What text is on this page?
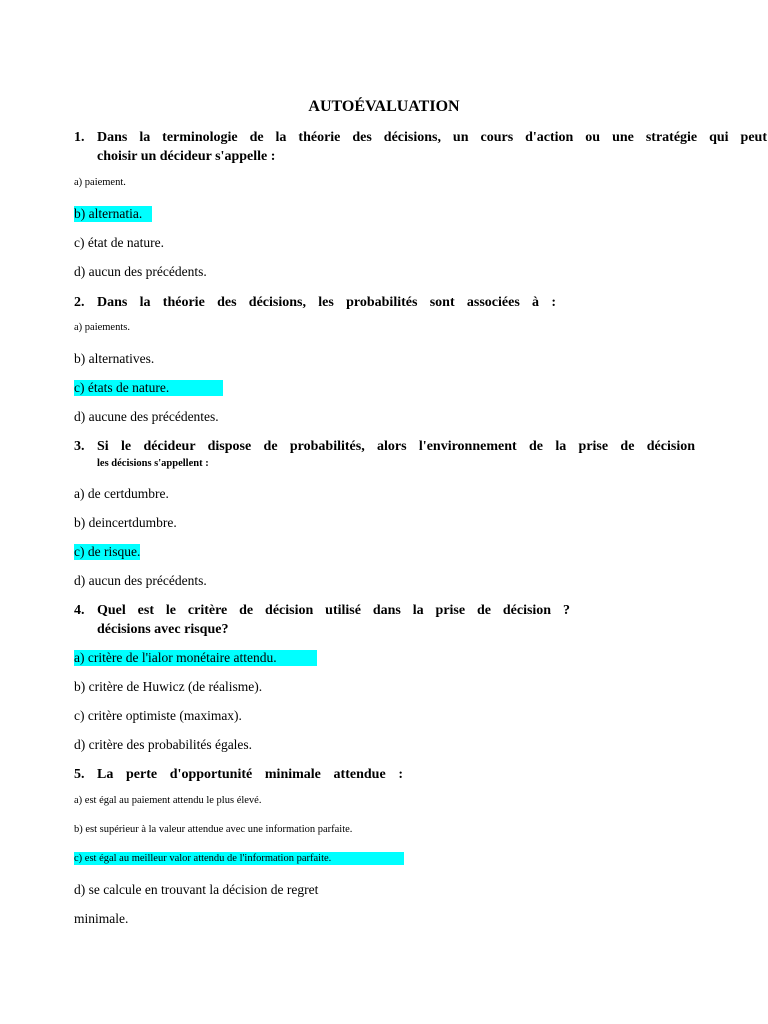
AUTOÉVALUATION
1. Dans la terminologie de la théorie des décisions, un cours d'action ou une stratégie qui peut
choisir un décideur s'appelle :
a) paiement.
b) alternatia.
c) état de nature.
d) aucun des précédents.
2. Dans la théorie des décisions, les probabilités sont associées à :
a) paiements.
b) alternatives.
c) états de nature.
d) aucune des précédentes.
3. Si le décideur dispose de probabilités, alors l'environnement de la prise de décision
les décisions s'appellent :
a) de certdumbre.
b) deincertdumbre.
c) de risque.
d) aucun des précédents.
4. Quel est le critère de décision utilisé dans la prise de décision ?
décisions avec risque?
a) critère de l'ialor monétaire attendu.
b) critère de Huwicz (de réalisme).
c) critère optimiste (maximax).
d) critère des probabilités égales.
5. La perte d'opportunité minimale attendue :
a) est égal au paiement attendu le plus élevé.
b) est supérieur à la valeur attendue avec une information parfaite.
c) est égal au meilleur valor attendu de l'information parfaite.
d) se calcule en trouvant la décision de regret
minimale.
